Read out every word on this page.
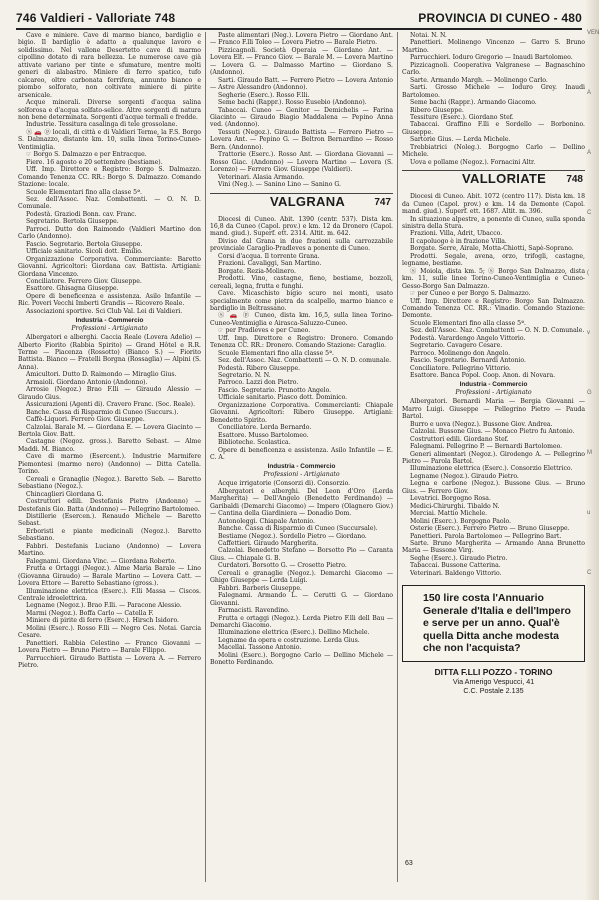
746 Valdieri - Valloriate 748	PROVINCIA DI CUNEO - 480

Cave e miniere. Cave di marmo bianco, bardiglio e bigio. Il bardiglio è adatto a qualunque lavoro e solidissimo. Nel vallone Desertetto cave di marmo cipollino dotato di rara bellezza. Le numerose cave già attivate variano per tinte e sfumature, mentre molti generi di alabastro. Miniere di ferro spatico, tufo calcareo, oltre carbonata ferrifera, annunto bianco e piombo solforato, non coltivate miniere di pirite arsenicale.

Acque minerali. Diverse sorgenti d'acqua salina solforosa e d'acqua solfato-selice. Altre sorgenti di natura non bene determinata. Sorgenti d'acque termali e fredde.

Industrie. Tessitura casalinga di tele grossolane.

Ⓢ 🚗 ⓟ locali, di città e di Valdieri Terme, la F.S. Borgo S. Dalmazzo, distante km. 10, sulla linea Torino-Cuneo-Ventimiglia.

☞ Borgo S. Dalmazzo e per Entracque.

Fiere. 16 agosto e 20 settembre (bestiame).

Uff. Imp. Direttore e Registro: Borgo S. Dalmazzo. Comando Tenenza CC. RR.: Borgo S. Dalmazzo. Comando Stazione: locale.

Scuole Elementari fino alla classe 5ª.

Sez. dell'Assoc. Naz. Combattenti. — O. N. D. Comunale.

Podestà. Graziodi Bonn. cav. Franc.

Segretario. Bertola Giuseppe.

Parroci. Dutto don Raimondo (Valdieri Martino don Carlo (Andonno).

Fascio. Segretario. Bertola Giuseppe.

Ufficiale sanitario. Sicoli dott. Emilio.

Organizzazione Corporativa. Commerciante: Baretto Giovanni. Agricoltori: Giordana cav. Battista. Artigiani: Giordana Vincenzo.

Conciliatore. Ferrero Giov. Giuseppe.

Esattore. Ghisagna Giuseppe.

Opere di beneficenza e assistenza. Asilo Infantile — Ric. Poveri Vecchi Imberti Grandis — Ricovero Reale.

Associazioni sportive. Sci Club Val. Lei di Valdieri.

Industria - Commercio
Professioni - Artigianato

Albergatori e alberghi. Caccia Reale (Lovera Adelio) — Alberto Fiorito (Rabbia Spirito) — Grand Hôtel e R.R. Terme — Piacenza (Rossotto) (Bianco S.) — Fiorito Battista. Bianco — Fratelli Borgna (Rossaglia) — Alpini (S. Anna).

Amicultori. Dutto D. Raimondo — Miraglio Gius.

Armaioli. Giordano Antonio (Andonno).

Arrosie (Negoz.) Brao F.lli — Giraudo Alessio — Giraudo Gius.

Assicurazioni (Agenti di). Cravero Franc. (Soc. Reale).

Banche. Cassa di Risparmio di Cuneo (Succurs.).

Caffè-Liquori. Ferrero Giov. Giuseppe.

Calzolai. Barale M. — Giordana E. — Lovera Giacinto — Bertola Giov. Batt.

Castagne (Negoz. gross.). Baretto Sebast. — Alme Maddi. M. Bianco.

Cave di marmo (Esercent.). Industrie Marmifere Piemontesi (marmo nero) (Andonno) — Ditta Catella. Torino.

Cereali e Granaglie (Negoz.). Baretto Seb. — Baretto Sebastiano (Negoz.).

Chincaglieri Giordana G.

Costruttori edili. Destefanis Pietro (Andonno) — Destefanis Gio. Batta (Andonno) — Pellegrino Bartolomeo.

Distillerie (Esercen.). Renaudo Michele — Baretto Sebast.

Erboristi e piante medicinali (Negoz.). Baretto Sebastiano.

Fabbri. Destefanis Luciano (Andonno) — Lovera Martino.

Falegnami. Giordana Vinc. — Giordana Roberto.

Frutta e Ortaggi (Negoz.). Alme Maria Barale — Lino (Giovanna Giraudo) — Barale Martino — Lovera Catt. — Lovera Ettore — Baretto Sebastiano (gross.).

Illuminazione elettrica (Eserc.). F.lli Massa — Ciscos. Centrale idroelettrica.

Legname (Negoz.). Brao F.lli. — Paracone Alessio.

Marmi (Negoz.). Boffa Carlo — Catella F.

Miniere di pirite di ferro (Eserc.). Hirsch Isidoro.

Molini (Eserc.). Rosso F.lli — Negro Ces. Notai. Garcia Cesare.

Panettieri. Rabbia Celestino — Franco Giovanni — Lovera Pietro — Bruno Pietro — Barale Filippo.

Parrucchieri. Giraudo Battista — Lovera A. — Ferrero Pietro.

Paste alimentari (Neg.). Lovera Pietro — Giordano Ant. — Franco F.lli Toleo — Lovera Pietro — Barale Pietro.

Pizzicagnoli. Società Operaia — Giordano Ant. — Lovera Elt. — Franco Giov. — Barale M. — Lovera Martino — Lovera G. — Dalmasso Martino — Giordano S. (Andonno).

Sarti. Giraudo Batt. — Ferrero Pietro — Lovera Antonio — Astre Alessandro (Andonno).

Segherie (Eserc.). Rosso F.lli.

Seme bachi (Rappr.). Rosso Eusebio (Andonno).

Tabaccai. Cuneo — Genitor — Demichelis — Farina Giacinto — Giraudo Biagio Maddalena — Pepino Anna ved. (Andonno).

Tessuti (Negoz.). Giraudo Battista — Ferrero Pietro — Lovera Ant. — Pepino G. — Beltron Bernardino — Rosso Bern. (Andonno).

Trattorie (Eserc.). Rosso Ant. — Giordana Giovanni — Rosso Giac. (Andonno) — Lovera Martino — Lovera (S. Lorenzo) — Ferrero Giov. Giuseppe (Valdieri).

Veterinari. Alasia Armando.

Vini (Neg.). — Sanino Lino — Sanino G.

VALGRANA	747

Diocesi di Cuneo. Abit. 1390 (centr. 537). Dista km. 16,8 da Cuneo (Capol. prov.) e km. 12 da Dronero (Capol. mand. giud.). Superf. ett. 2314. Altit. m. 642.

Diviso dal Grana in due frazioni sulla carrozzabile provinciale Caraglio-Pradleves a ponente di Cuneo.

Corsi d'acqua. Il torrente Grana.

Frazioni. Cavaliggi, San Martino.

Borgate. Rezia-Molinero.

Prodotti. Vino, castagne, fieno, bestiame, bozzoli, cereali, legna, frutta e funghi.

Cave. Micaschisto bigio scuro nei monti, usato specialmente come pietra da scalpello, marmo bianco e bardiglio in Beltrassano.

Ⓢ 🚗 ⓟ Cuneo, dista km. 16,5, sulla linea Torino-Cuneo-Ventimiglia e Airasca-Saluzzo-Cuneo.

☞ per Pradleves e per Cuneo.

Uff. Imp. Direttore e Registro: Dronero. Comando Tenenza CC. RR.: Dronero. Comando Stazione: Caraglio.

Scuole Elementari fino alla classe 5ª.

Sez. dell'Assoc. Naz. Combattenti — O. N. D. comunale.

Podestà. Ribero Giuseppe.

Segretario. N. N.

Parroco. Lazzi don Pietro.

Fascio. Segretario. Prunotto Angelo.

Ufficiale sanitario. Piasco dott. Dominico.

Organizzazione Corporativa. Commercianti: Chiapale Giovanni. Agricoltori: Ribero Giuseppe. Artigiani: Benedetto Spirito.

Conciliatore. Lerda Bernardo.

Esattore. Musso Bartolomeo.

Biblioteche. Scolastica.

Opere di beneficenza e assistenza. Asilo Infantile — E. C. A.

Industria - Commercio
Professioni - Artigianato

Acque irrigatorie (Consorzi di). Consorzio.

Albergatori e alberghi. Del Leon d'Oro (Lerda Margherita) — Dell'Angelo (Benedetto Ferdinando) — Garibaldi (Demarchi Giacomo) — Impero (Olagnero Giov.) — Cantina della Giardiniera — Donadio Dom.

Autonoleggi. Chiapale Antonio.

Banche. Cassa di Risparmio di Cuneo (Succursale).

Bestiame (Negoz.). Sordello Pietro — Giordano.

Caffettieri. Giraudo Margherita.

Calzolai. Benedetto Stefano — Borsotto Pio — Caranta Gius. — Chiapale G. B.

Curdatori. Borsotto G. — Crosetto Pietro.

Cereali e granaglie (Negoz.). Demarchi Giacomo — Ghigo Giuseppe — Lerda Luigi.

Fabbri. Barberis Giuseppe.

Falegnami. Armando L. — Cerutti G. — Giordano Giovanni.

Farmacisti. Ravendino.

Frutta e ortaggi (Negoz.). Lerda Pietro F.lli dell Bau — Demarchi Giacomo.

Illuminazione elettrica (Eserc.). Dellino Michele.

Legname da opera e costruzione. Lerda Gius.

Macellai. Tassone Antonio.

Molini (Eserc.). Borgogno Carlo — Dellino Michele — Bonetto Ferdinando.

Notai. N. N.

Panettieri. Molinengo Vincenzo — Garro S. Bruno Martino.

Parrucchieri. Ioduro Gregorio — Inaudi Bartolomeo.

Pizzicagnoli. Cooperativa Valgranese — Bagnaschino Carlo.

Sarte. Armando Margh. — Molinengo Carlo.

Sarti. Grosso Michele — Ioduro Grey. Inaudi Bartolomeo.

Seme bachi (Rappr.). Armando Giacomo.

Ribero Giuseppe.

Tessiture (Eserc.). Giordano Stef.

Tabaccai. Graffino F.lli e Sordello — Borbonino. Giuseppe.

Sartorie Gius. — Lerda Michele.

Trebbiatrici (Noleg.). Borgogno Carlo — Dellino Michele.

Uova e pollame (Negoz.). Fornacini Altr.

VALLORIATE 748

Diocesi di Cuneo. Abit. 1072 (centro 117). Dista km. 18 da Cuneo (Capol. prov.) e km. 14 da Demonte (Capol. mand. giud.). Superf. ett. 1687. Altit. m. 396.

In situazione alpestre, a ponente di Cuneo, sulla sponda sinistra della Stura.

Frazioni. Villa, Adrit, Ubacco.

Il capoluogo è in frazione Villa.

Borgate. Serre, Airale, Motta-Chiotti, Sapè-Soprano.

Prodotti. Segale, avena, orzo, trifogli, castagne, legname, bestiame.

Ⓢ Moiola, dista km. 5; Ⓢ Borgo San Dalmazzo, dista km. 11, sulle linee Torino-Cuneo-Ventimiglia e Cuneo-Gesso-Borgo San Dalmazzo.

☞ per Cuneo e per Borgo S. Dalmazzo.

Uff. Imp. Direttore e Registro: Borgo San Dalmazzo. Comando Tenenza CC. RR.: Vinadio. Comando Stazione: Demonte.

Scuole Elementari fino alla classe 5ª.

Sez. dell'Assoc. Naz. Combattenti — O. N. D. Comunale.

Podestà. Varardengo Angelo Vittorio.

Segretario. Cavagero Cesare.

Parroco. Molinengo don Angelo.

Fascio. Segretario. Bernardi Antonio.

Conciliatore. Pellegrino Vittorio.

Esattore. Banca Popol. Coop. Anon. di Novara.

Industria - Commercio
Professioni - Artigianato

Albergatori. Bernardi Maria — Bergia Giovanni — Marro Luigi. Giuseppe — Pellegrino Pietro — Pauda Bartol.

Burro e uova (Negoz.). Bussone Giov. Andrea.

Calzolai. Bussone Gius. — Monaco Pietro fu Antonio.

Costruttori edili. Giordano Stef.

Falegnami. Pellegrino P. — Bernardi Bartolomeo.

Generi alimentari (Negoz.). Girodengo A. — Pellegrino Pietro — Parola Bartol.

Illuminazione elettrica (Eserc.). Consorzio Elettrico.

Legname (Negoz.). Giraudo Pietro.

Legna e carbone (Negoz.). Bussone Gius. — Bruno Gius. — Ferrero Giov.

Levatrici. Borgogno Rosa.

Medici-Chirurghi. Tibaldo N.

Merciai. Mattio Michele.

Molini (Eserc.). Borgogno Paolo.

Osterie (Eserc.). Ferrero Pietro — Bruno Giuseppe.

Panettieri. Parola Bartolomeo — Pellegrino Bart.

Sarte. Bruno Margherita — Armando Anna Brunetto Maria — Bussone Virg.

Seghe (Eserc.). Giraudo Pietro.

Tabaccai. Bussone Catterina.

Veterinari. Baldengo Vittorio.

150 lire costa l'Annuario Generale d'Italia e dell'Impero e serve per un anno. Qual'è quella Ditta anche modesta che non l'acquista?
DITTA F.LLI POZZO - TORINO
Via Amerigo Vespucci, 41
C.C. Postale 2.135
63
VEN
A
A
C
(
v
G
M
u
C
